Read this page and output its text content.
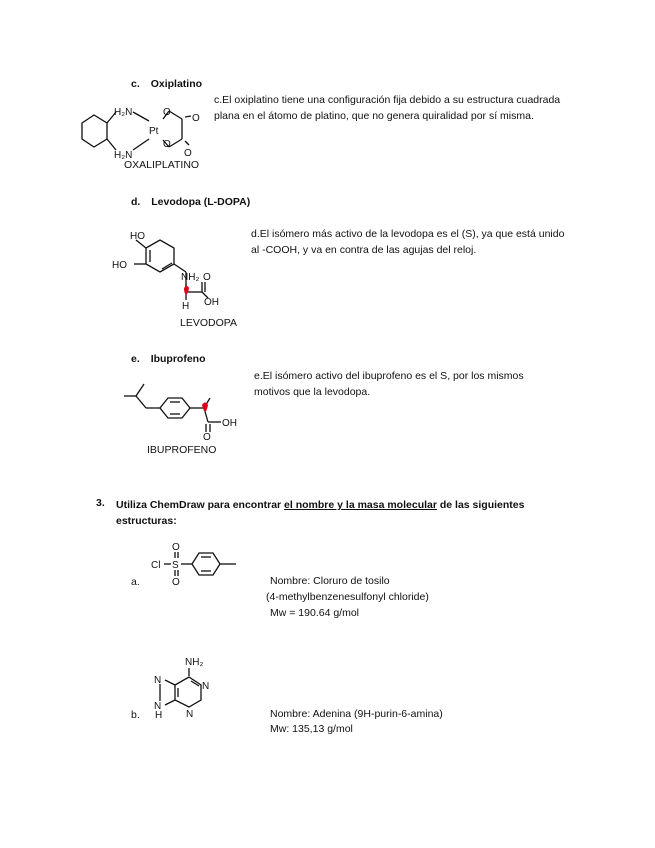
c. Oxiplatino
H₂N
H₂N
Pt
O
O
O
O
OXALIPLATINO
c.El oxiplatino tiene una configuración fija debido a su estructura cuadrada plana en el átomo de platino, que no genera quiralidad por sí misma.
d. Levodopa (L-DOPA)
HO
HO
NH₂ O
OH
H
LEVODOPA
d.El isómero más activo de la levodopa es el (S), ya que está unido al -COOH, y va en contra de las agujas del reloj.
e. Ibuprofeno
OH
O
IBUPROFENO
e.El isómero activo del ibuprofeno es el S, por los mismos motivos que la levodopa.
3. Utiliza ChemDraw para encontrar el nombre y la masa molecular de las siguientes
estructuras:
Cl S
O
O
a.	Nombre: Cloruro de tosilo
(4-methylbenzenesulfonyl chloride)
Mw = 190.64 g/mol
NH₂
N
N
H
N
N
b.	Nombre: Adenina (9H-purin-6-amina)
Mw: 135,13 g/mol
